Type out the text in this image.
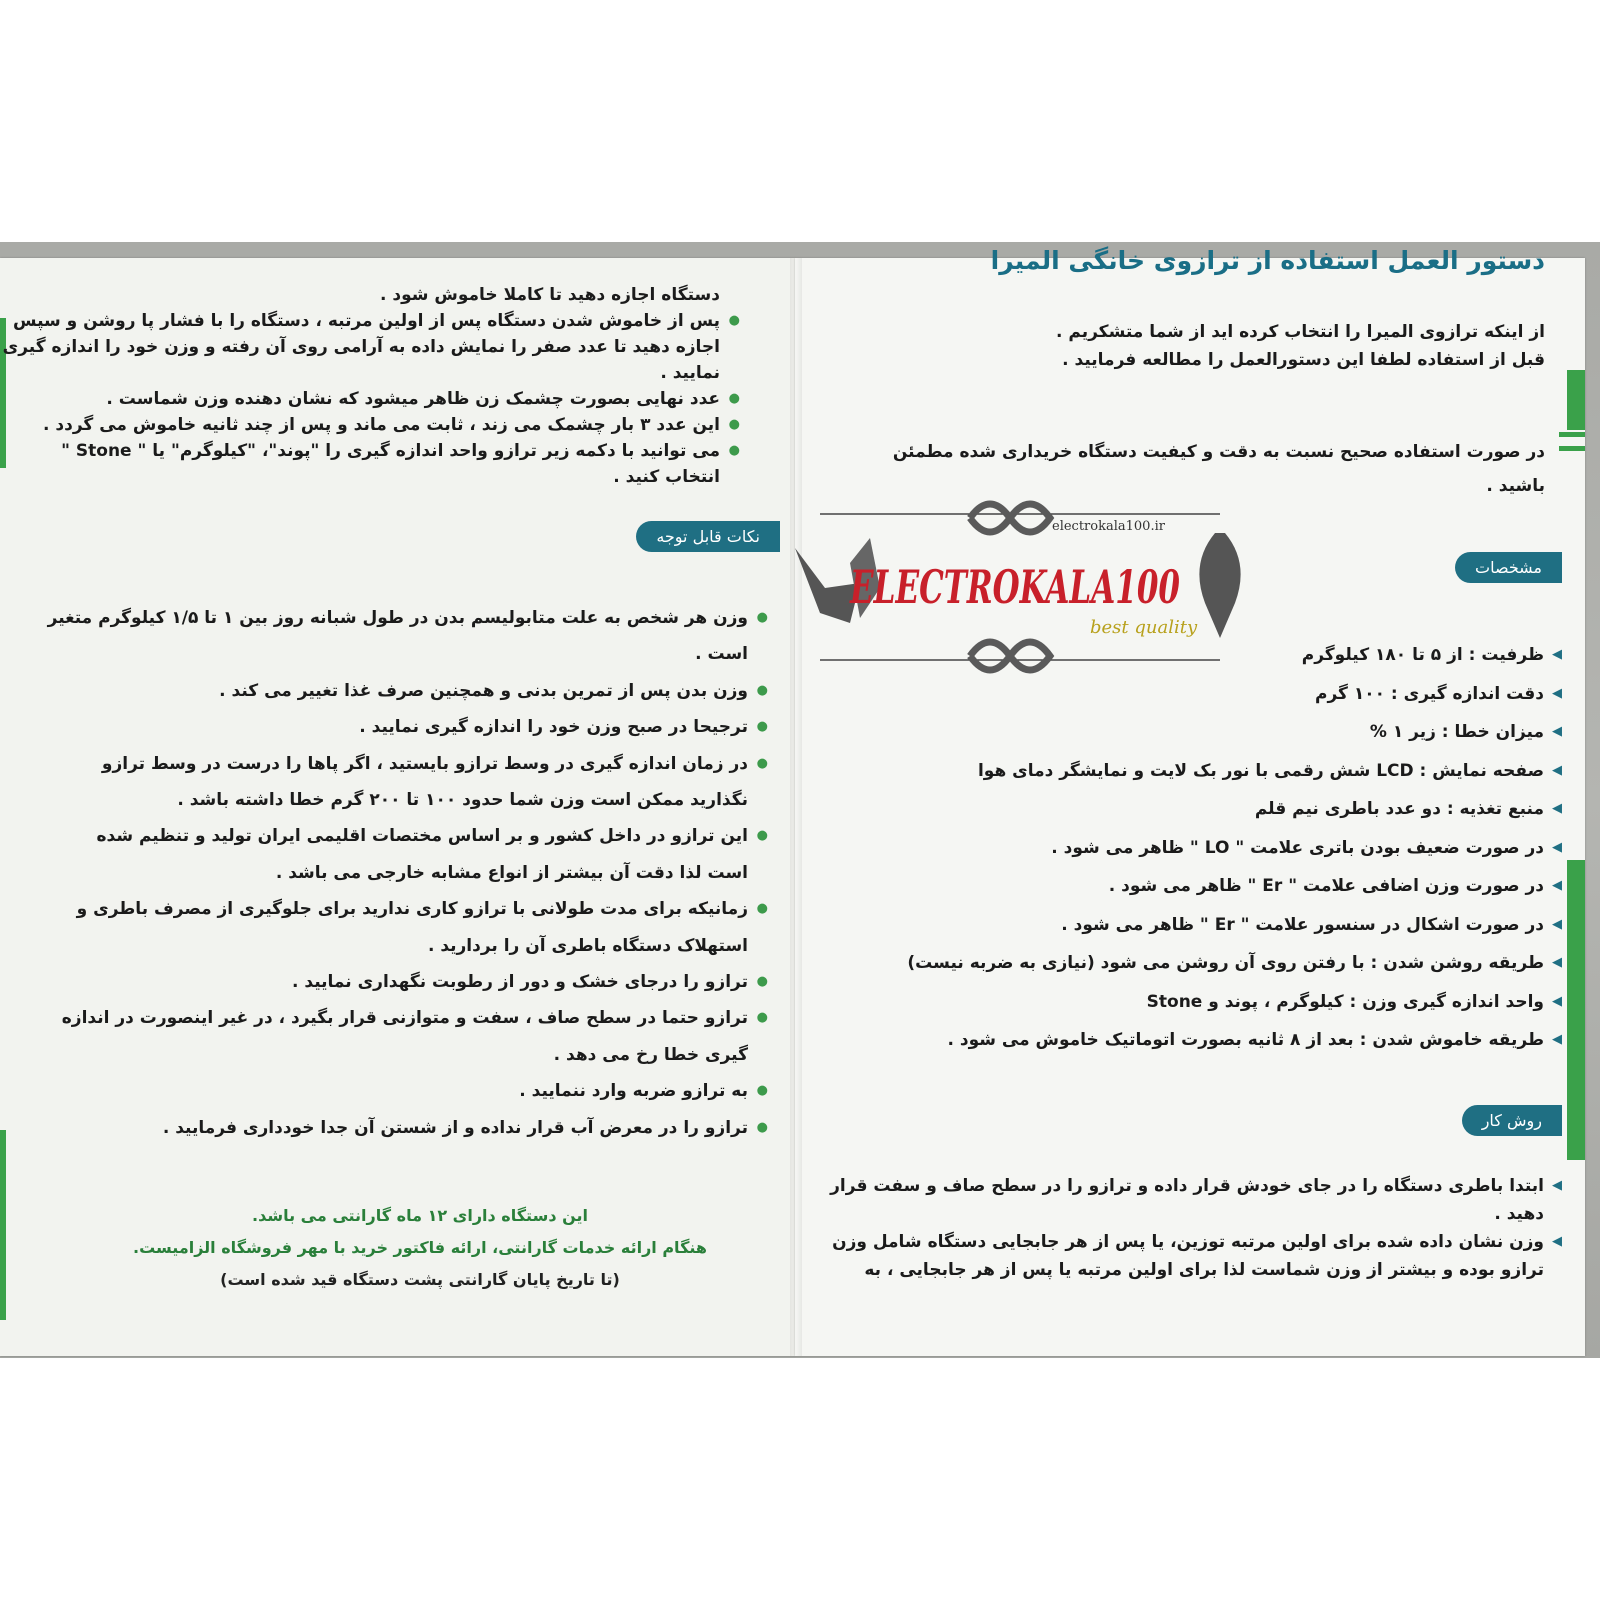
دستور العمل استفاده از ترازوی خانگی المیرا
از اینکه ترازوی المیرا را انتخاب کرده اید از شما متشکریم .
قبل از استفاده لطفا این دستورالعمل را مطالعه فرمایید .
در صورت استفاده صحیح نسبت به دقت و کیفیت دستگاه خریداری شده مطمئن
باشید .
مشخصات
◀ ظرفیت : از ۵ تا ۱۸۰ کیلوگرم
◀ دقت اندازه گیری : ۱۰۰ گرم
◀ میزان خطا : زیر ۱ %
◀ صفحه نمایش : LCD شش رقمی با نور بک لایت و نمایشگر دمای هوا
◀ منبع تغذیه : دو عدد باطری نیم قلم
◀ در صورت ضعیف بودن باتری علامت " LO " ظاهر می شود .
◀ در صورت وزن اضافی علامت " Er " ظاهر می شود .
◀ در صورت اشکال در سنسور علامت " Er " ظاهر می شود .
◀ طریقه روشن شدن : با رفتن روی آن روشن می شود (نیازی به ضربه نیست)
◀ واحد اندازه گیری وزن : کیلوگرم ، پوند و Stone
◀ طریقه خاموش شدن : بعد از ۸ ثانیه بصورت اتوماتیک خاموش می شود .
روش کار
◀ ابتدا باطری دستگاه را در جای خودش قرار داده و ترازو را در سطح صاف و سفت قرار
دهید .
◀ وزن نشان داده شده برای اولین مرتبه توزین، یا پس از هر جابجایی دستگاه شامل وزن
ترازو بوده و بیشتر از وزن شماست لذا برای اولین مرتبه یا پس از هر جابجایی ، به
دستگاه اجازه دهید تا کاملا خاموش شود .
● پس از خاموش شدن دستگاه پس از اولین مرتبه ، دستگاه را با فشار پا روشن و سپس
اجازه دهید تا عدد صفر را نمایش داده به آرامی روی آن رفته و وزن خود را اندازه گیری
نمایید .
● عدد نهایی بصورت چشمک زن ظاهر میشود که نشان دهنده وزن شماست .
● این عدد ۳ بار چشمک می زند ، ثابت می ماند و پس از چند ثانیه خاموش می گردد .
● می توانید با دکمه زیر ترازو واحد اندازه گیری را "پوند"، "کیلوگرم" یا " Stone "
انتخاب کنید .
نکات قابل توجه
● وزن هر شخص به علت متابولیسم بدن در طول شبانه روز بین ۱ تا ۱/۵ کیلوگرم متغیر
است .
● وزن بدن پس از تمرین بدنی و همچنین صرف غذا تغییر می کند .
● ترجیحا در صبح وزن خود را اندازه گیری نمایید .
● در زمان اندازه گیری در وسط ترازو بایستید ، اگر پاها را درست در وسط ترازو
نگذارید ممکن است وزن شما حدود ۱۰۰ تا ۲۰۰ گرم خطا داشته باشد .
● این ترازو در داخل کشور و بر اساس مختصات اقلیمی ایران تولید و تنظیم شده
است لذا دقت آن بیشتر از انواع مشابه خارجی می باشد .
● زمانیکه برای مدت طولانی با ترازو کاری ندارید برای جلوگیری از مصرف باطری و
استهلاک دستگاه باطری آن را بردارید .
● ترازو را درجای خشک و دور از رطوبت نگهداری نمایید .
● ترازو حتما در سطح صاف ، سفت و متوازنی قرار بگیرد ، در غیر اینصورت در اندازه
گیری خطا رخ می دهد .
● به ترازو ضربه وارد ننمایید .
● ترازو را در معرض آب قرار نداده و از شستن آن جدا خودداری فرمایید .
این دستگاه دارای ۱۲ ماه گارانتی می باشد.
هنگام ارائه خدمات گارانتی، ارائه فاکتور خرید با مهر فروشگاه الزامیست.
(تا تاریخ پایان گارانتی پشت دستگاه قید شده است)
electrokala100.ir
ELECTROKALA100
best quality
